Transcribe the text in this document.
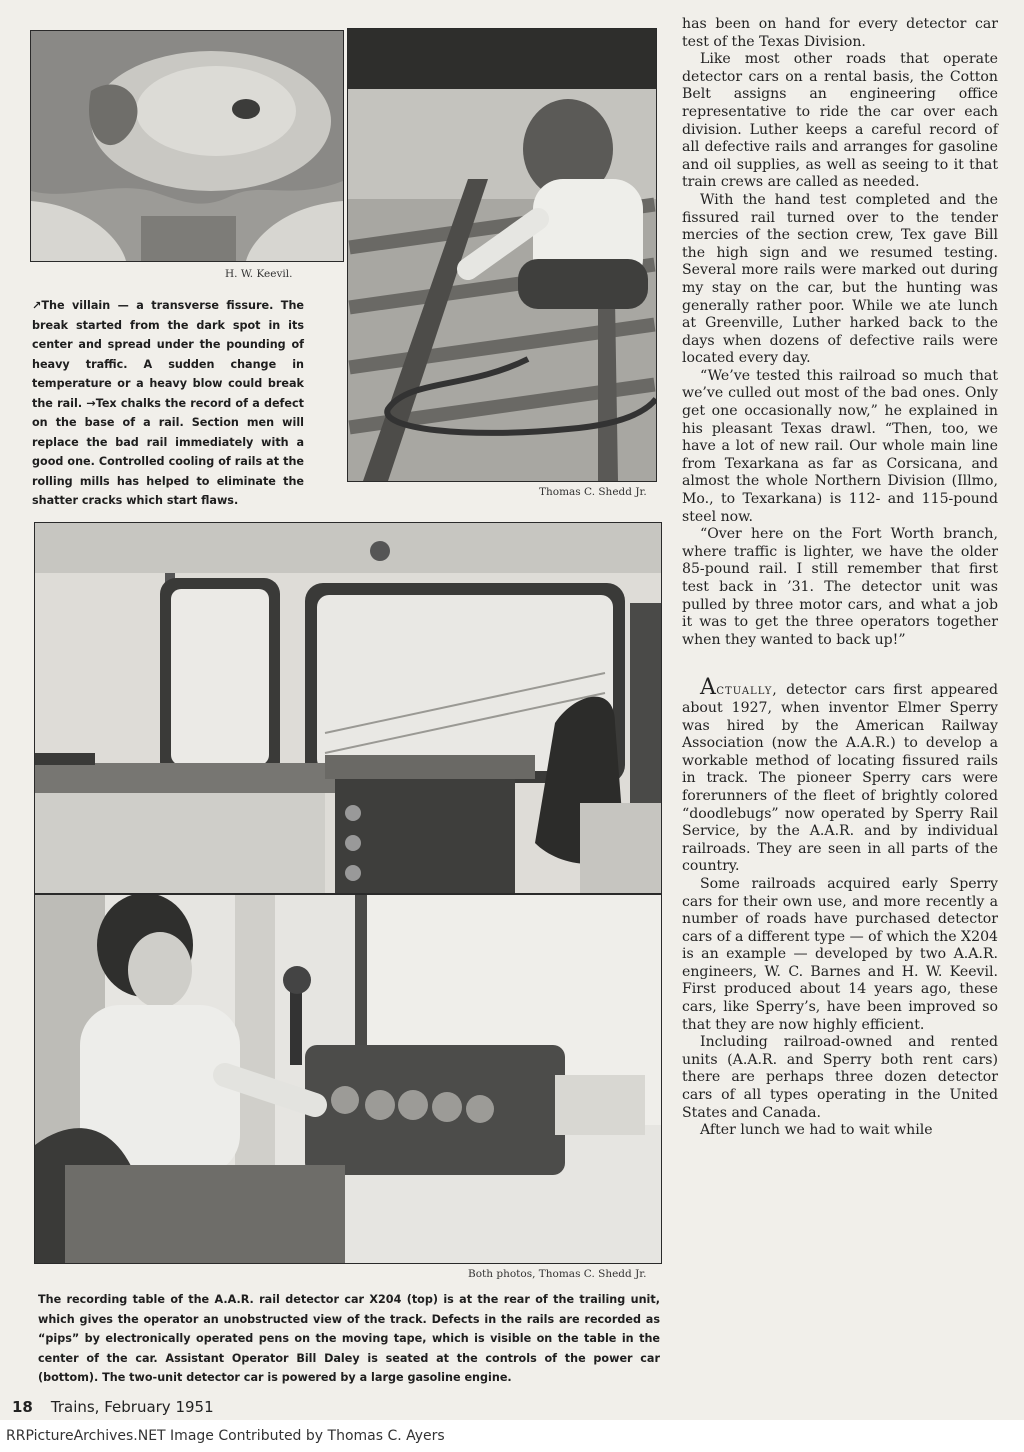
H. W. Keevil.
Thomas C. Shedd Jr.

↗The villain — a transverse fissure. The break started from the dark spot in its center and spread under the pounding of heavy traffic. A sudden change in temperature or a heavy blow could break the rail. →Tex chalks the record of a defect on the base of a rail. Section men will replace the bad rail immediately with a good one. Controlled cooling of rails at the rolling mills has helped to eliminate the shatter cracks which start flaws.

Both photos, Thomas C. Shedd Jr.

The recording table of the A.A.R. rail detector car X204 (top) is at the rear of the trailing unit, which gives the operator an unobstructed view of the track. Defects in the rails are recorded as “pips” by electronically operated pens on the moving tape, which is visible on the table in the center of the car. Assistant Operator Bill Daley is seated at the controls of the power car (bottom). The two-unit detector car is powered by a large gasoline engine.

has been on hand for every detector car test of the Texas Division.

Like most other roads that operate detector cars on a rental basis, the Cotton Belt assigns an engineering office representative to ride the car over each division. Luther keeps a careful record of all defective rails and arranges for gasoline and oil supplies, as well as seeing to it that train crews are called as needed.

With the hand test completed and the fissured rail turned over to the tender mercies of the section crew, Tex gave Bill the high sign and we resumed testing. Several more rails were marked out during my stay on the car, but the hunting was generally rather poor. While we ate lunch at Greenville, Luther harked back to the days when dozens of defective rails were located every day.

“We’ve tested this railroad so much that we’ve culled out most of the bad ones. Only get one occasionally now,” he explained in his pleasant Texas drawl. “Then, too, we have a lot of new rail. Our whole main line from Texarkana as far as Corsicana, and almost the whole Northern Division (Illmo, Mo., to Texarkana) is 112- and 115-pound steel now.

“Over here on the Fort Worth branch, where traffic is lighter, we have the older 85-pound rail. I still remember that first test back in ’31. The detector unit was pulled by three motor cars, and what a job it was to get the three operators together when they wanted to back up!”

Actually, detector cars first appeared about 1927, when inventor Elmer Sperry was hired by the American Railway Association (now the A.A.R.) to develop a workable method of locating fissured rails in track. The pioneer Sperry cars were forerunners of the fleet of brightly colored “doodlebugs” now operated by Sperry Rail Service, by the A.A.R. and by individual railroads. They are seen in all parts of the country.

Some railroads acquired early Sperry cars for their own use, and more recently a number of roads have purchased detector cars of a different type — of which the X204 is an example — developed by two A.A.R. engineers, W. C. Barnes and H. W. Keevil. First produced about 14 years ago, these cars, like Sperry’s, have been improved so that they are now highly efficient.

Including railroad-owned and rented units (A.A.R. and Sperry both rent cars) there are perhaps three dozen detector cars of all types operating in the United States and Canada.

After lunch we had to wait while

18 Trains, February 1951
RRPictureArchives.NET Image Contributed by Thomas C. Ayers
